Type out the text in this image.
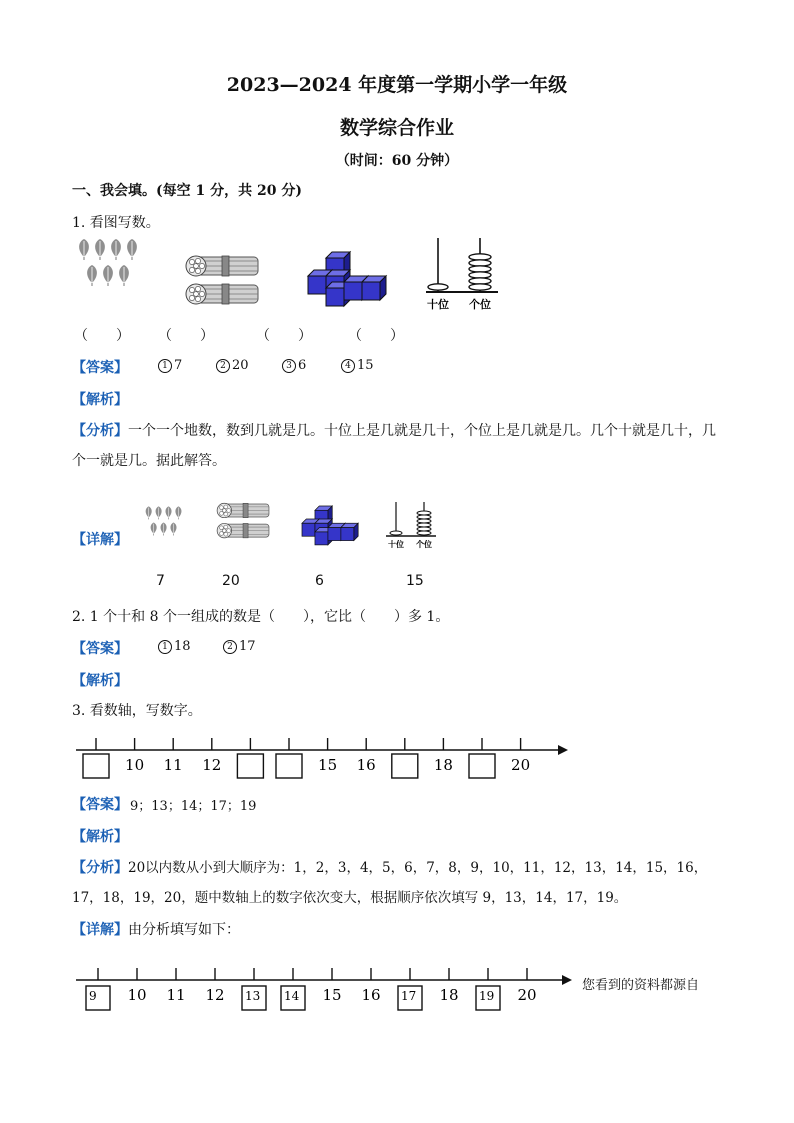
2023—2024 年度第一学期小学一年级
数学综合作业
（时间：60 分钟）
一、我会填。(每空 1 分，共 20 分)
1. 看图写数。
十位 个位
（　　） （　　）	（　　）	（　　）
【答案】	1 7	2 20	3 6	4 15
【解析】
【分析】一个一个地数，数到几就是几。十位上是几就是几十，个位上是几就是几。几个十就是几十，几个一就是几。据此解答。
【详解】	十位 个位
7	20	6	15
2. 1 个十和 8 个一组成的数是（　　），它比（　　）多 1。
【答案】	1 18	2 17
【解析】
3. 看数轴，写数字。
10 11 12	15 16	18	20
【答案】 9；13；14；17；19
【解析】
【分析】20以内数从小到大顺序为：1，2，3，4，5，6，7，8，9，10，11，12，13，14，15，16，17，18，19，20，题中数轴上的数字依次变大，根据顺序依次填写 9，13，14，17，19。
【详解】由分析填写如下：
9 10 11 12 13 14 15 16 17 18 19 20
您看到的资料都源自
